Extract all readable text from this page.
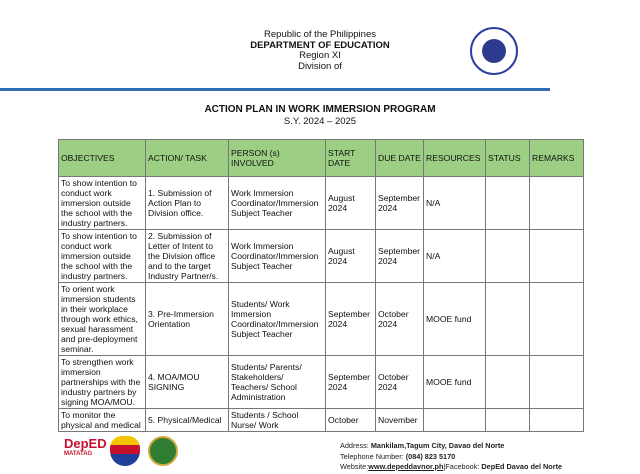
Republic of the Philippines
DEPARTMENT OF EDUCATION
Region XI
Division of
ACTION PLAN IN WORK IMMERSION PROGRAM
S.Y. 2024 – 2025
OBJECTIVES	ACTION/ TASK	PERSON (s) INVOLVED	START DATE	DUE DATE	RESOURCES	STATUS	REMARKS
To show intention to conduct work immersion outside the school with the industry partners.	1. Submission of Action Plan to Division office.	Work Immersion Coordinator/Immersion Subject Teacher	August 2024	September 2024	N/A		
To show intention to conduct work immersion outside the school with the industry partners.	2. Submission of Letter of Intent to the Division office and to the target Industry Partner/s.	Work Immersion Coordinator/Immersion Subject Teacher	August 2024	September 2024	N/A		
To orient work immersion students in their workplace through work ethics, sexual harassment and pre-deployment seminar.	3. Pre-Immersion Orientation	Students/ Work Immersion Coordinator/Immersion Subject Teacher	September 2024	October 2024	MOOE fund		
To strengthen work immersion partnerships with the industry partners by signing MOA/MOU.	4. MOA/MOU SIGNING	Students/ Parents/ Stakeholders/ Teachers/ School Administration	September 2024	October 2024	MOOE fund		
To monitor the physical and medical	5. Physical/Medical	Students / School Nurse/ Work	October	November			
DepED
MATATAG
Address: Mankilam,Tagum City, Davao del Norte
Telephone Number: (084) 823 5170
Website:www.depeddavnor.ph|Facebook: DepEd Davao del Norte
